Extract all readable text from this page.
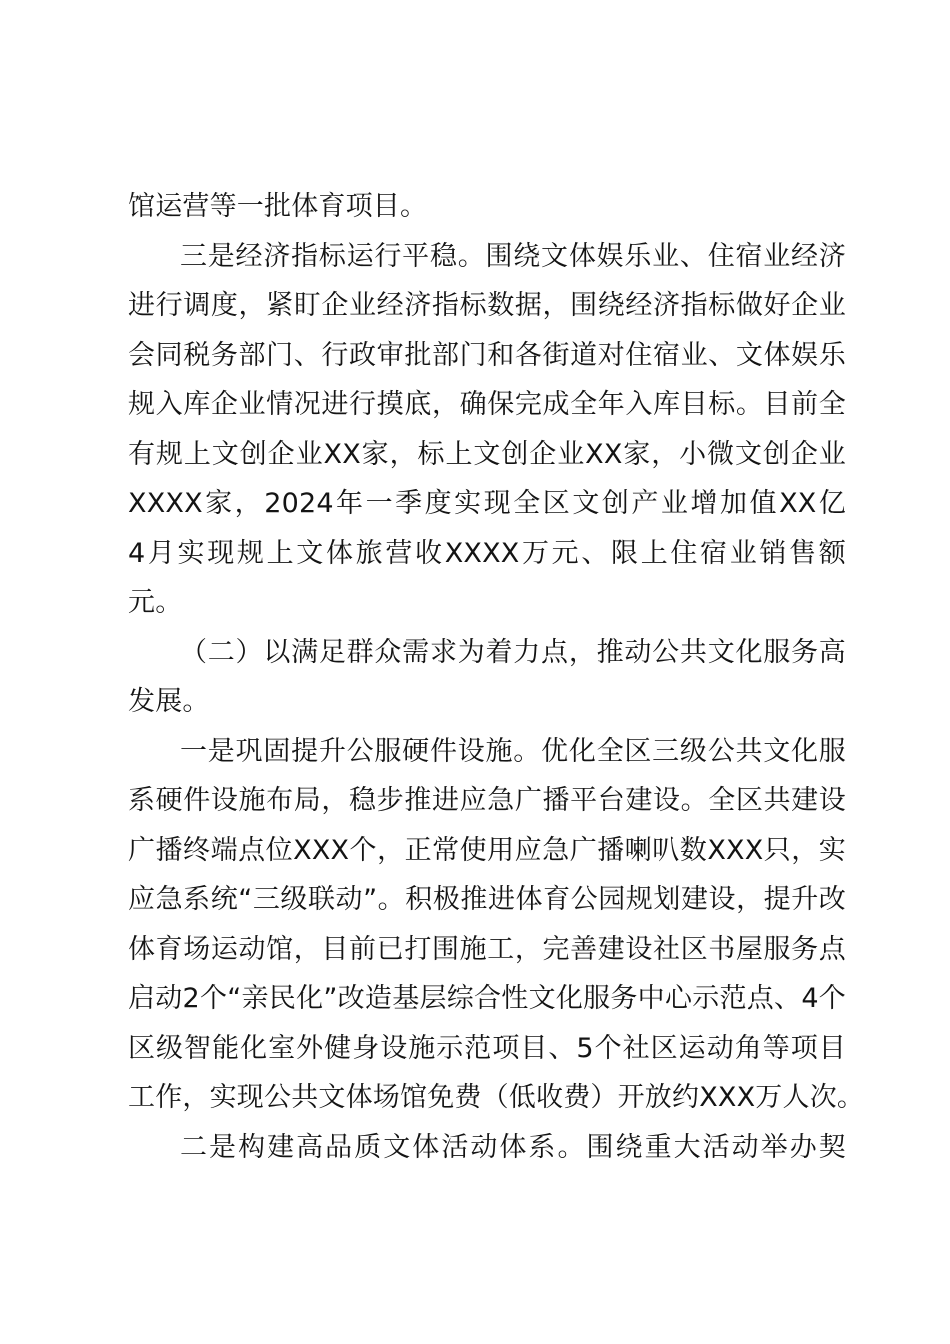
馆运营等一批体育项目。
三是经济指标运行平稳。围绕文体娱乐业、住宿业经济
进行调度，紧盯企业经济指标数据，围绕经济指标做好企业
会同税务部门、行政审批部门和各街道对住宿业、文体娱乐
规入库企业情况进行摸底，确保完成全年入库目标。目前全
有规上文创企业XX家，标上文创企业XX家，小微文创企业
XXXX家，2024年一季度实现全区文创产业增加值XX亿
4月实现规上文体旅营收XXXX万元、限上住宿业销售额
元。
（二）以满足群众需求为着力点，推动公共文化服务高
发展。
一是巩固提升公服硬件设施。优化全区三级公共文化服
系硬件设施布局，稳步推进应急广播平台建设。全区共建设
广播终端点位XXX个，正常使用应急广播喇叭数XXX只，实
应急系统“三级联动”。积极推进体育公园规划建设，提升改
体育场运动馆，目前已打围施工，完善建设社区书屋服务点
启动2个“亲民化”改造基层综合性文化服务中心示范点、4个
区级智能化室外健身设施示范项目、5个社区运动角等项目
工作，实现公共文体场馆免费（低收费）开放约XXX万人次。
二是构建高品质文体活动体系。围绕重大活动举办契
